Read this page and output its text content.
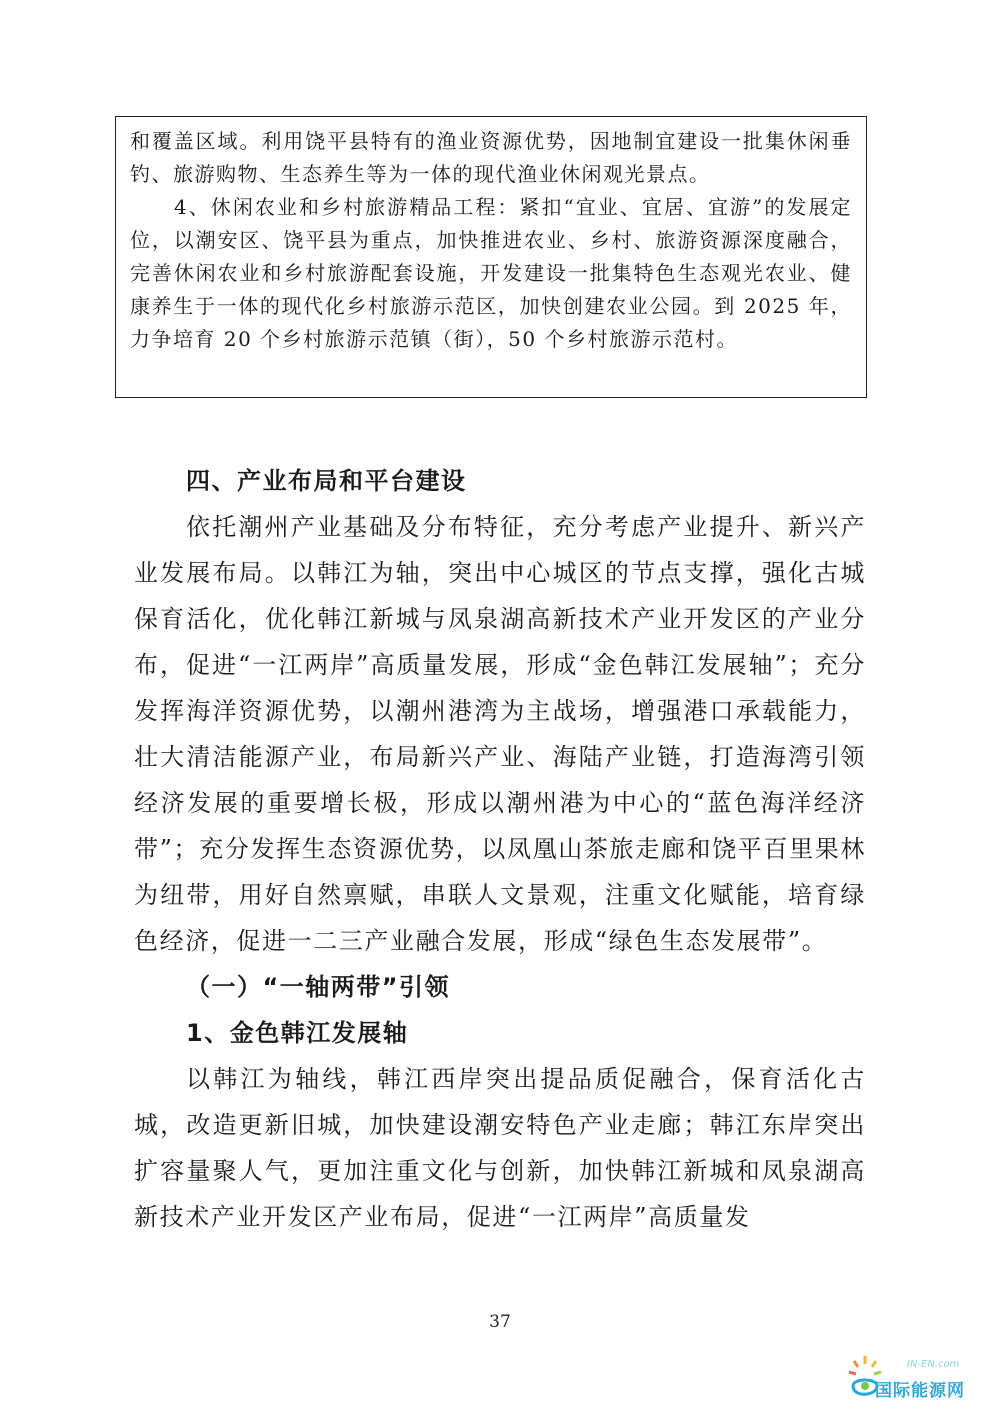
和覆盖区域。利用饶平县特有的渔业资源优势，因地制宜建设一批集休闲垂钓、旅游购物、生态养生等为一体的现代渔业休闲观光景点。

4、休闲农业和乡村旅游精品工程：紧扣“宜业、宜居、宜游”的发展定位，以潮安区、饶平县为重点，加快推进农业、乡村、旅游资源深度融合，完善休闲农业和乡村旅游配套设施，开发建设一批集特色生态观光农业、健康养生于一体的现代化乡村旅游示范区，加快创建农业公园。到 2025 年，力争培育 20 个乡村旅游示范镇（街），50 个乡村旅游示范村。

四、产业布局和平台建设

依托潮州产业基础及分布特征，充分考虑产业提升、新兴产业发展布局。以韩江为轴，突出中心城区的节点支撑，强化古城保育活化，优化韩江新城与凤泉湖高新技术产业开发区的产业分布，促进“一江两岸”高质量发展，形成“金色韩江发展轴”；充分发挥海洋资源优势，以潮州港湾为主战场，增强港口承载能力，壮大清洁能源产业，布局新兴产业、海陆产业链，打造海湾引领经济发展的重要增长极，形成以潮州港为中心的“蓝色海洋经济带”；充分发挥生态资源优势，以凤凰山茶旅走廊和饶平百里果林为纽带，用好自然禀赋，串联人文景观，注重文化赋能，培育绿色经济，促进一二三产业融合发展，形成“绿色生态发展带”。

（一）“一轴两带”引领
1、金色韩江发展轴

以韩江为轴线，韩江西岸突出提品质促融合，保育活化古城，改造更新旧城，加快建设潮安特色产业走廊；韩江东岸突出扩容量聚人气，更加注重文化与创新，加快韩江新城和凤泉湖高新技术产业开发区产业布局，促进“一江两岸”高质量发

37
IN-EN.com
国际能源网
